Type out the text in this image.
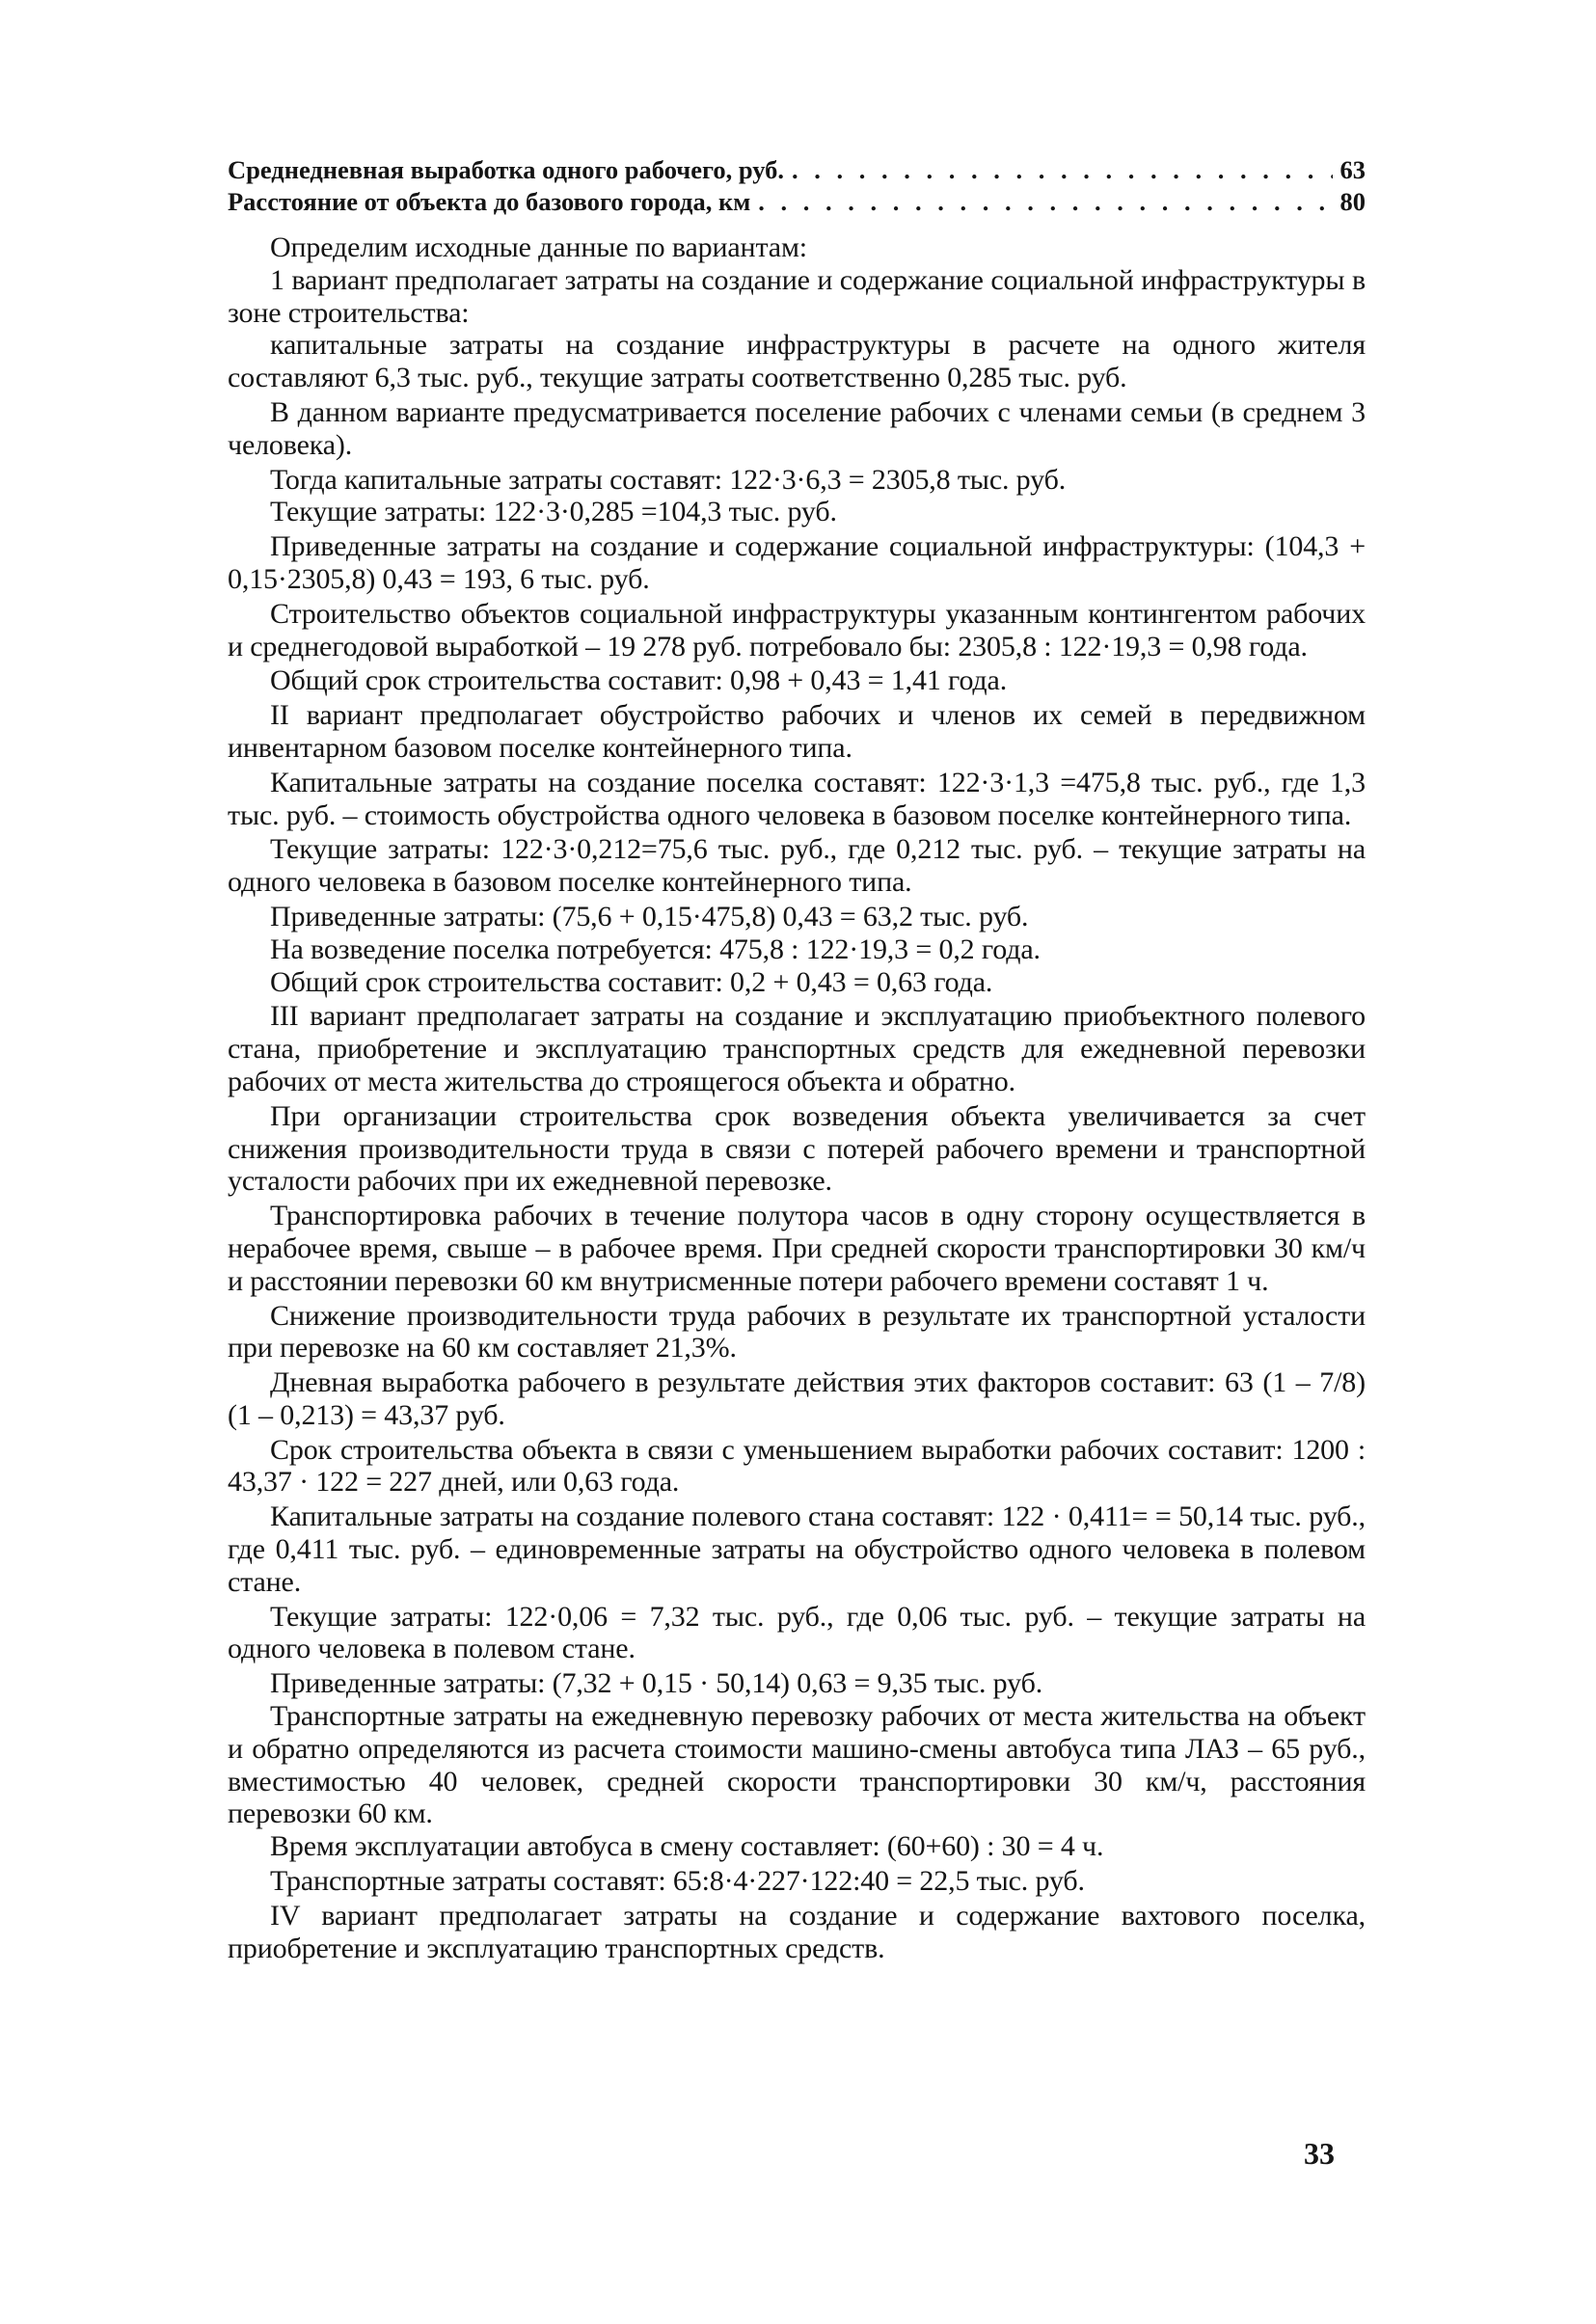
Среднедневная выработка одного рабочего, руб. . . .	63
Расстояние от объекта до базового города, км . . .	80

Определим исходные данные по вариантам:

1 вариант предполагает затраты на создание и содержание социальной инфраструктуры в зоне строительства:

капитальные затраты на создание инфраструктуры в расчете на одного жителя составляют 6,3 тыс. руб., текущие затраты соответственно 0,285 тыс. руб.

В данном варианте предусматривается поселение рабочих с членами семьи (в среднем 3 человека).

Тогда капитальные затраты составят: 122·3·6,3 = 2305,8 тыс. руб.

Текущие затраты: 122·3·0,285 =104,3 тыс. руб.

Приведенные затраты на создание и содержание социальной инфраструктуры: (104,3 + 0,15·2305,8) 0,43 = 193, 6 тыс. руб.

Строительство объектов социальной инфраструктуры указанным контингентом рабочих и среднегодовой выработкой – 19 278 руб. потребовало бы: 2305,8 : 122·19,3 = 0,98 года.

Общий срок строительства составит: 0,98 + 0,43 = 1,41 года.

II вариант предполагает обустройство рабочих и членов их семей в передвижном инвентарном базовом поселке контейнерного типа.

Капитальные затраты на создание поселка составят: 122·3·1,3 =475,8 тыс. руб., где 1,3 тыс. руб. – стоимость обустройства одного человека в базовом поселке контейнерного типа.

Текущие затраты: 122·3·0,212=75,6 тыс. руб., где 0,212 тыс. руб. – текущие затраты на одного человека в базовом поселке контейнерного типа.

Приведенные затраты: (75,6 + 0,15·475,8) 0,43 = 63,2 тыс. руб.

На возведение поселка потребуется: 475,8 : 122·19,3 = 0,2 года.

Общий срок строительства составит: 0,2 + 0,43 = 0,63 года.

III вариант предполагает затраты на создание и эксплуатацию приобъектного полевого стана, приобретение и эксплуатацию транспортных средств для ежедневной перевозки рабочих от места жительства до строящегося объекта и обратно.

При организации строительства срок возведения объекта увеличивается за счет снижения производительности труда в связи с потерей рабочего времени и транспортной усталости рабочих при их ежедневной перевозке.

Транспортировка рабочих в течение полутора часов в одну сторону осуществляется в нерабочее время, свыше – в рабочее время. При средней скорости транспортировки 30 км/ч и расстоянии перевозки 60 км внутрисменные потери рабочего времени составят 1 ч.

Снижение производительности труда рабочих в результате их транспортной усталости при перевозке на 60 км составляет 21,3%.

Дневная выработка рабочего в результате действия этих факторов составит: 63 (1 – 7/8) (1 – 0,213) = 43,37 руб.

Срок строительства объекта в связи с уменьшением выработки рабочих составит: 1200 : 43,37 · 122 = 227 дней, или 0,63 года.

Капитальные затраты на создание полевого стана составят: 122 · 0,411= = 50,14 тыс. руб., где 0,411 тыс. руб. – единовременные затраты на обустройство одного человека в полевом стане.

Текущие затраты: 122·0,06 = 7,32 тыс. руб., где 0,06 тыс. руб. – текущие затраты на одного человека в полевом стане.

Приведенные затраты: (7,32 + 0,15 · 50,14) 0,63 = 9,35 тыс. руб.

Транспортные затраты на ежедневную перевозку рабочих от места жительства на объект и обратно определяются из расчета стоимости машино-смены автобуса типа ЛАЗ – 65 руб., вместимостью 40 человек, средней скорости транспортировки 30 км/ч, расстояния перевозки 60 км.

Время эксплуатации автобуса в смену составляет: (60+60) : 30 = 4 ч.

Транспортные затраты составят: 65:8·4·227·122:40 = 22,5 тыс. руб.

IV вариант предполагает затраты на создание и содержание вахтового поселка, приобретение и эксплуатацию транспортных средств.

33
